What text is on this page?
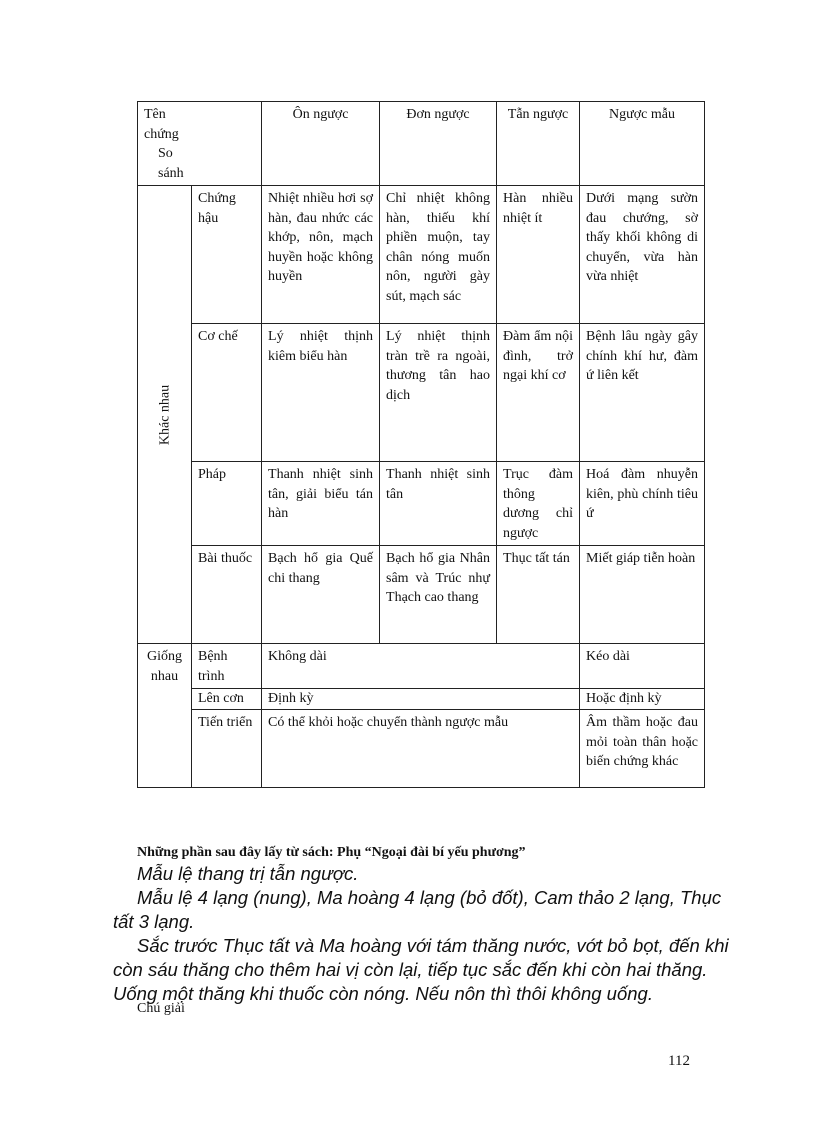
Tên
chứng
So
sánh		Ôn ngược	Đơn ngược	Tẫn ngược	Ngược mẫu

Khác nhau	Chứng hậu	Nhiệt nhiều hơi sợ hàn, đau nhức các khớp, nôn, mạch huyền hoặc không huyền	Chỉ nhiệt không hàn, thiếu khí phiền muộn, tay chân nóng muốn nôn, người gày sút, mạch sác	Hàn nhiều nhiệt ít	Dưới mạng sườn đau chướng, sờ thấy khối không di chuyển, vừa hàn vừa nhiệt
	Cơ chế	Lý nhiệt thịnh kiêm biểu hàn	Lý nhiệt thịnh tràn trề ra ngoài, thương tân hao dịch	Đàm ẩm nội đình, trở ngại khí cơ	Bệnh lâu ngày gây chính khí hư, đàm ứ liên kết
	Pháp	Thanh nhiệt sinh tân, giải biểu tán hàn	Thanh nhiệt sinh tân	Trục đàm thông dương chỉ ngược	Hoá đàm nhuyễn kiên, phù chính tiêu ứ
	Bài thuốc	Bạch hổ gia Quế chi thang	Bạch hổ gia Nhân sâm và Trúc nhự Thạch cao thang	Thục tất tán	Miết giáp tiễn hoàn
Giống nhau	Bệnh trình	Không dài			Kéo dài
	Lên cơn	Định kỳ			Hoặc định kỳ
	Tiến triển	Có thể khỏi hoặc chuyển thành ngược mẫu			Âm thầm hoặc đau mỏi toàn thân hoặc biến chứng khác
Những phần sau đây lấy từ sách: Phụ “Ngoại đài bí yếu phương”
Mẫu lệ thang trị tẫn ngược.
Mẫu lệ 4 lạng (nung), Ma hoàng 4 lạng (bỏ đốt), Cam thảo 2 lạng, Thục
tất 3 lạng.
Sắc trước Thục tất và Ma hoàng với tám thăng nước, vớt bỏ bọt, đến khi
còn sáu thăng cho thêm hai vị còn lại, tiếp tục sắc đến khi còn hai thăng.
Uống một thăng khi thuốc còn nóng. Nếu nôn thì thôi không uống.
Chú giải
112
